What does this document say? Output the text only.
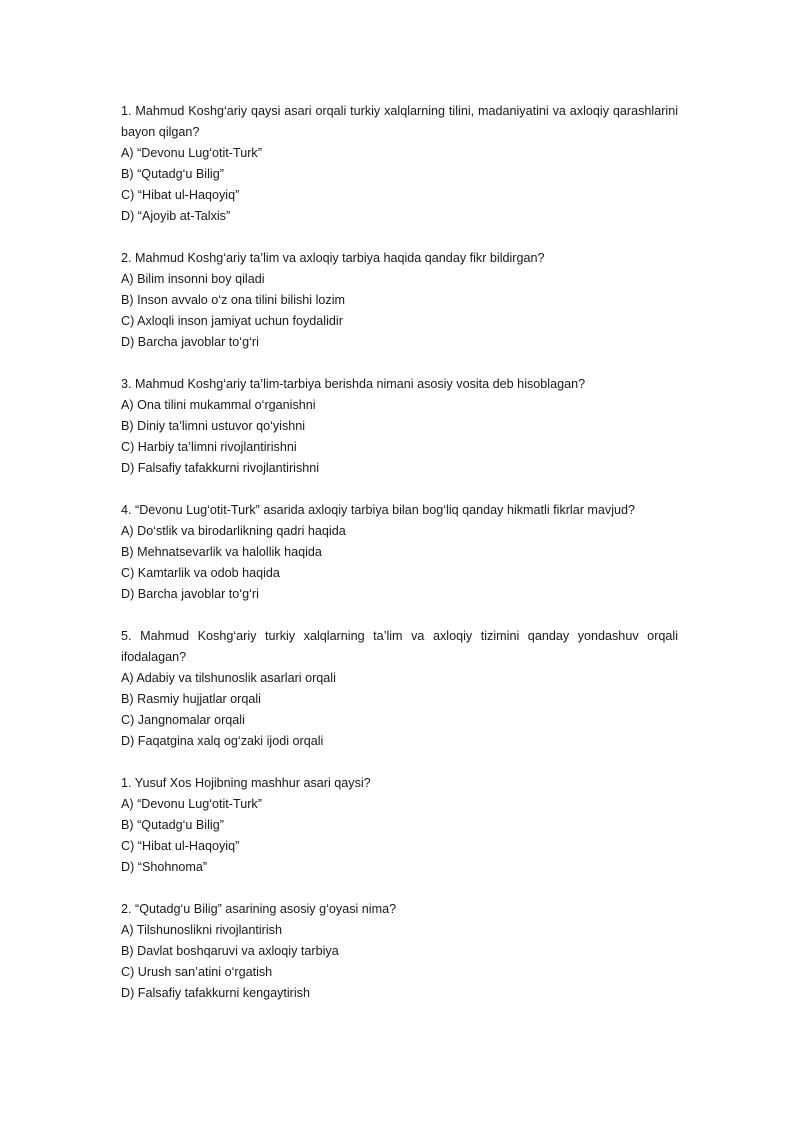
1. Mahmud Koshg‘ariy qaysi asari orqali turkiy xalqlarning tilini, madaniyatini va axloqiy qarashlarini bayon qilgan?

A) “Devonu Lug‘otit-Turk”

B) “Qutadg‘u Bilig”

C) “Hibat ul-Haqoyiq”

D) “Ajoyib at-Talxis”

2. Mahmud Koshg‘ariy ta’lim va axloqiy tarbiya haqida qanday fikr bildirgan?

A) Bilim insonni boy qiladi

B) Inson avvalo o‘z ona tilini bilishi lozim

C) Axloqli inson jamiyat uchun foydalidir

D) Barcha javoblar to‘g‘ri

3. Mahmud Koshg‘ariy ta’lim-tarbiya berishda nimani asosiy vosita deb hisoblagan?

A) Ona tilini mukammal o‘rganishni

B) Diniy ta’limni ustuvor qo‘yishni

C) Harbiy ta’limni rivojlantirishni

D) Falsafiy tafakkurni rivojlantirishni

4. “Devonu Lug‘otit-Turk” asarida axloqiy tarbiya bilan bog‘liq qanday hikmatli fikrlar mavjud?

A) Do‘stlik va birodarlikning qadri haqida

B) Mehnatsevarlik va halollik haqida

C) Kamtarlik va odob haqida

D) Barcha javoblar to‘g‘ri

5. Mahmud Koshg‘ariy turkiy xalqlarning ta’lim va axloqiy tizimini qanday yondashuv orqali ifodalagan?

A) Adabiy va tilshunoslik asarlari orqali

B) Rasmiy hujjatlar orqali

C) Jangnomalar orqali

D) Faqatgina xalq og‘zaki ijodi orqali

1. Yusuf Xos Hojibning mashhur asari qaysi?

A) “Devonu Lug‘otit-Turk”

B) “Qutadg‘u Bilig”

C) “Hibat ul-Haqoyiq”

D) “Shohnoma”

2. “Qutadg‘u Bilig” asarining asosiy g‘oyasi nima?

A) Tilshunoslikni rivojlantirish

B) Davlat boshqaruvi va axloqiy tarbiya

C) Urush san’atini o‘rgatish

D) Falsafiy tafakkurni kengaytirish
